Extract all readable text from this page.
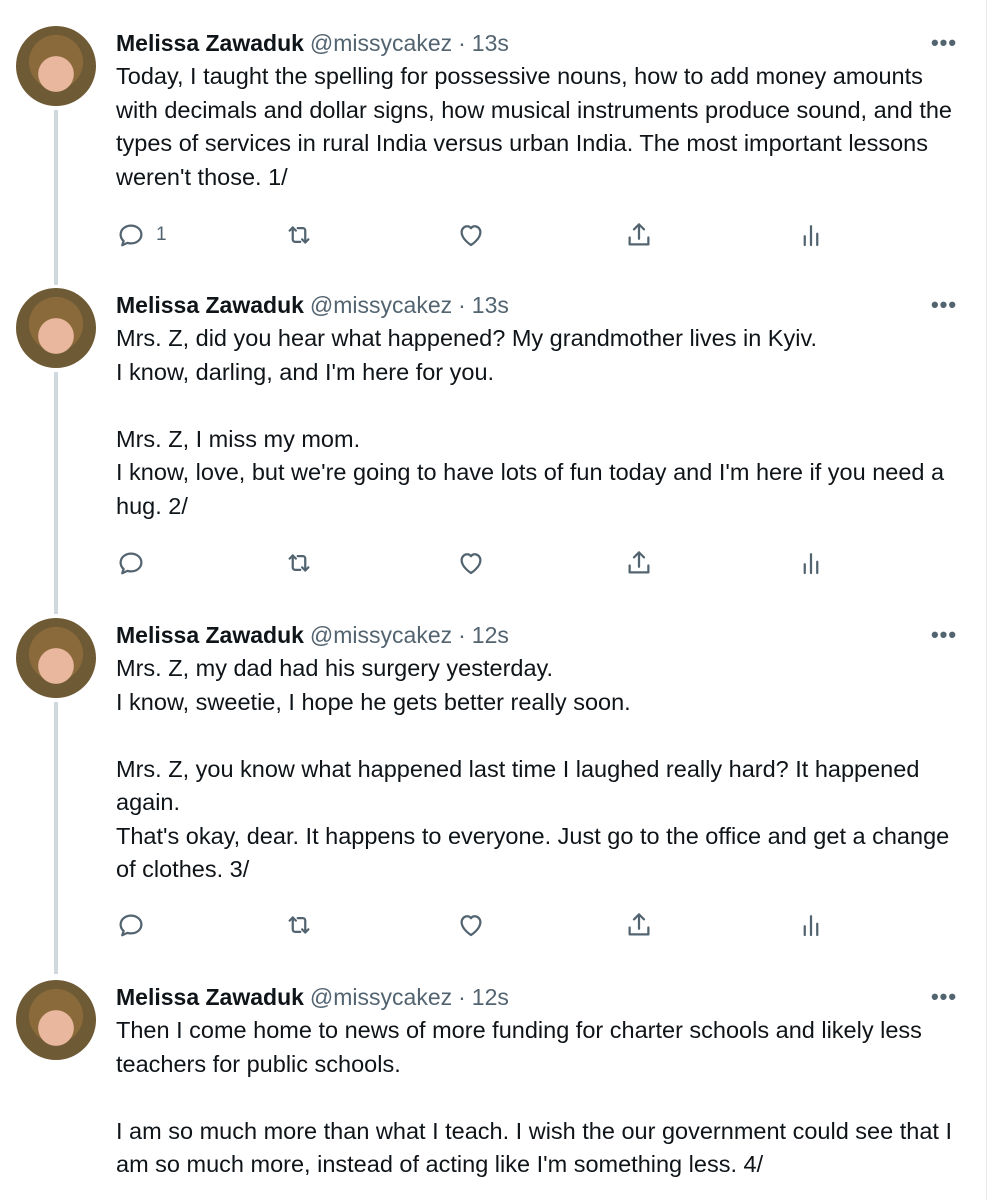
Melissa Zawaduk @missycakez · 13s	•••

Today, I taught the spelling for possessive nouns, how to add money amounts with decimals and dollar signs, how musical instruments produce sound, and the types of services in rural India versus urban India. The most important lessons weren't those. 1/

1
Melissa Zawaduk @missycakez · 13s	•••

Mrs. Z, did you hear what happened? My grandmother lives in Kyiv.

I know, darling, and I'm here for you.

Mrs. Z, I miss my mom.

I know, love, but we're going to have lots of fun today and I'm here if you need a hug. 2/

Melissa Zawaduk @missycakez · 12s	•••

Mrs. Z, my dad had his surgery yesterday.

I know, sweetie, I hope he gets better really soon.

Mrs. Z, you know what happened last time I laughed really hard? It happened again.

That's okay, dear. It happens to everyone. Just go to the office and get a change of clothes. 3/

Melissa Zawaduk @missycakez · 12s	•••

Then I come home to news of more funding for charter schools and likely less teachers for public schools.

I am so much more than what I teach. I wish the our government could see that I am so much more, instead of acting like I'm something less. 4/
